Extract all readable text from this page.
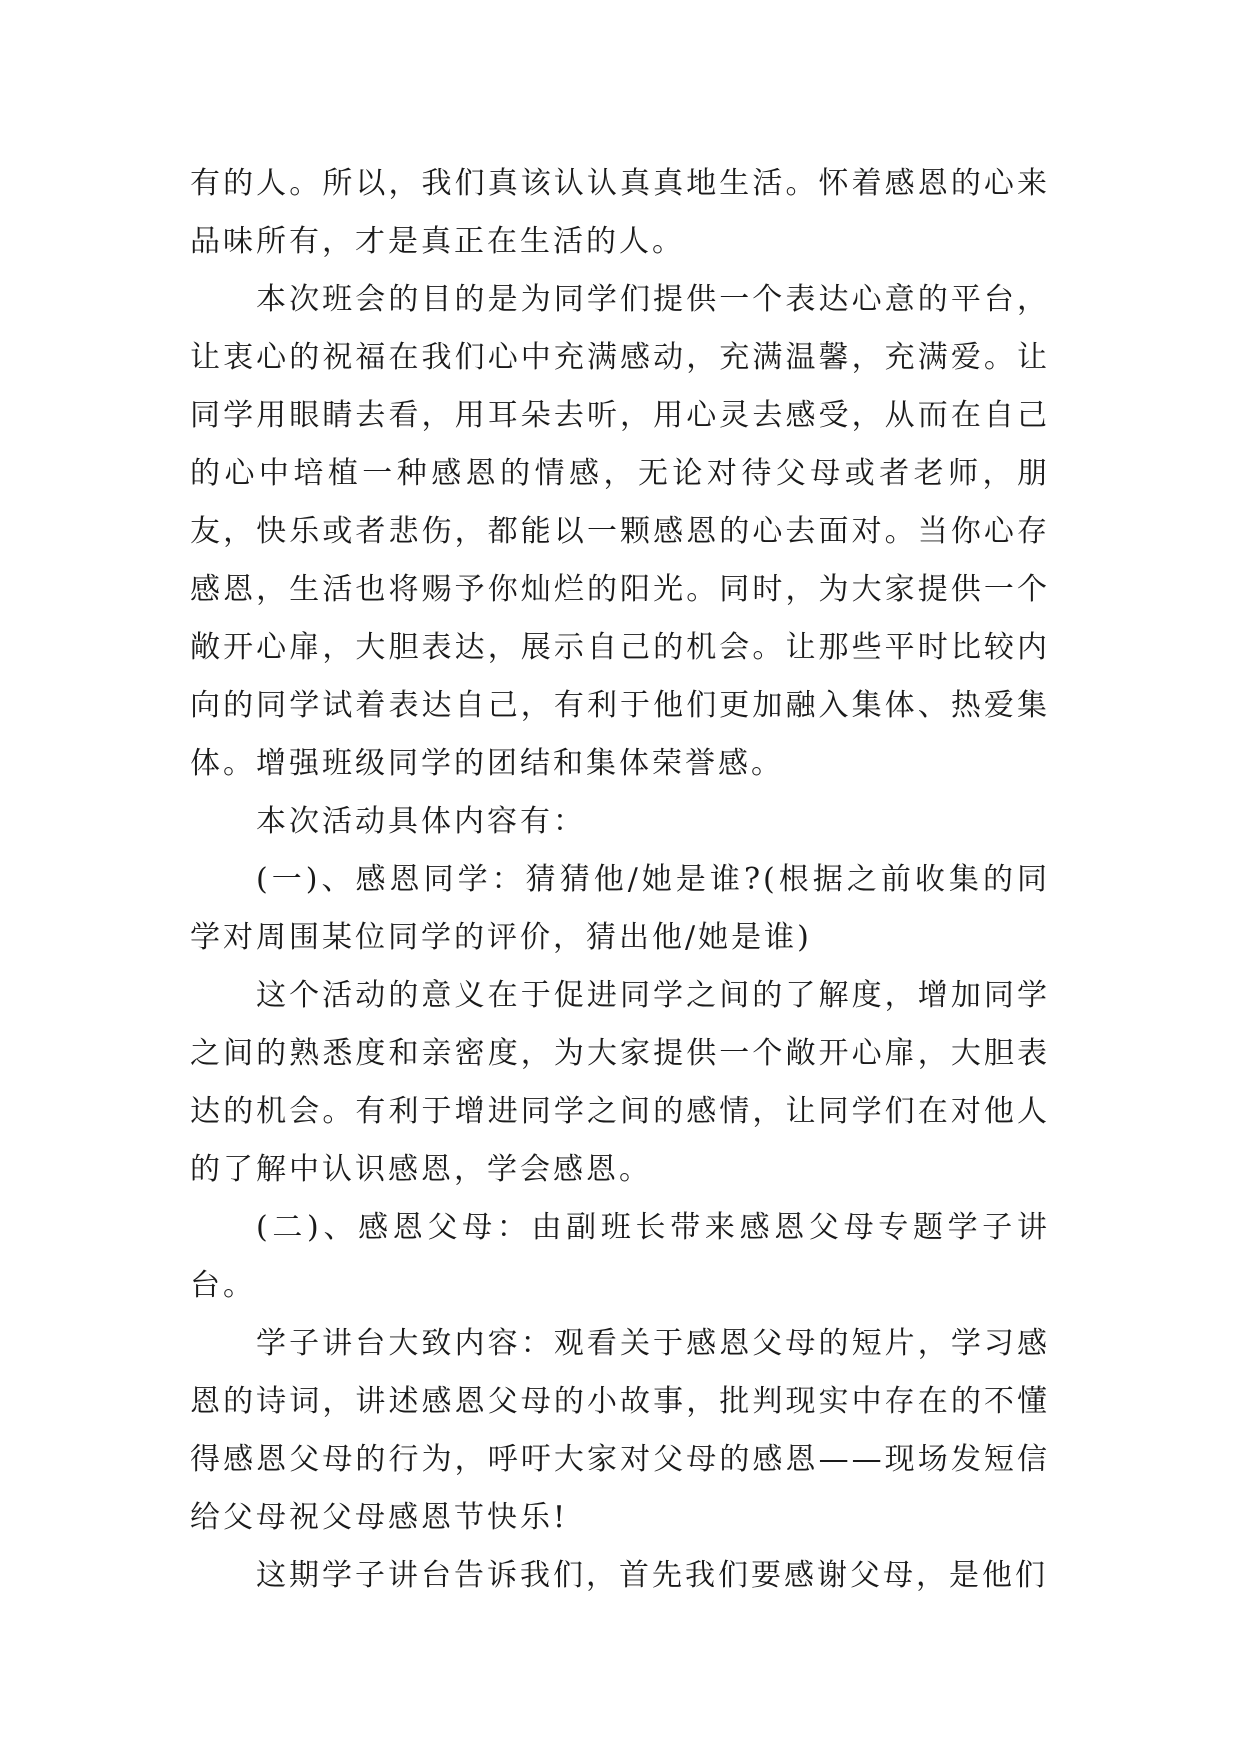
有的人。所以，我们真该认认真真地生活。怀着感恩的心来品味所有，才是真正在生活的人。

本次班会的目的是为同学们提供一个表达心意的平台，让衷心的祝福在我们心中充满感动，充满温馨，充满爱。让同学用眼睛去看，用耳朵去听，用心灵去感受，从而在自己的心中培植一种感恩的情感，无论对待父母或者老师，朋友，快乐或者悲伤，都能以一颗感恩的心去面对。当你心存感恩，生活也将赐予你灿烂的阳光。同时，为大家提供一个敞开心扉，大胆表达，展示自己的机会。让那些平时比较内向的同学试着表达自己，有利于他们更加融入集体、热爱集体。增强班级同学的团结和集体荣誉感。

本次活动具体内容有：

(一)、感恩同学：猜猜他/她是谁?(根据之前收集的同学对周围某位同学的评价，猜出他/她是谁)

这个活动的意义在于促进同学之间的了解度，增加同学之间的熟悉度和亲密度，为大家提供一个敞开心扉，大胆表达的机会。有利于增进同学之间的感情，让同学们在对他人的了解中认识感恩，学会感恩。

(二)、感恩父母：由副班长带来感恩父母专题学子讲台。

学子讲台大致内容：观看关于感恩父母的短片，学习感恩的诗词，讲述感恩父母的小故事，批判现实中存在的不懂得感恩父母的行为，呼吁大家对父母的感恩——现场发短信给父母祝父母感恩节快乐!

这期学子讲台告诉我们，首先我们要感谢父母，是他们
